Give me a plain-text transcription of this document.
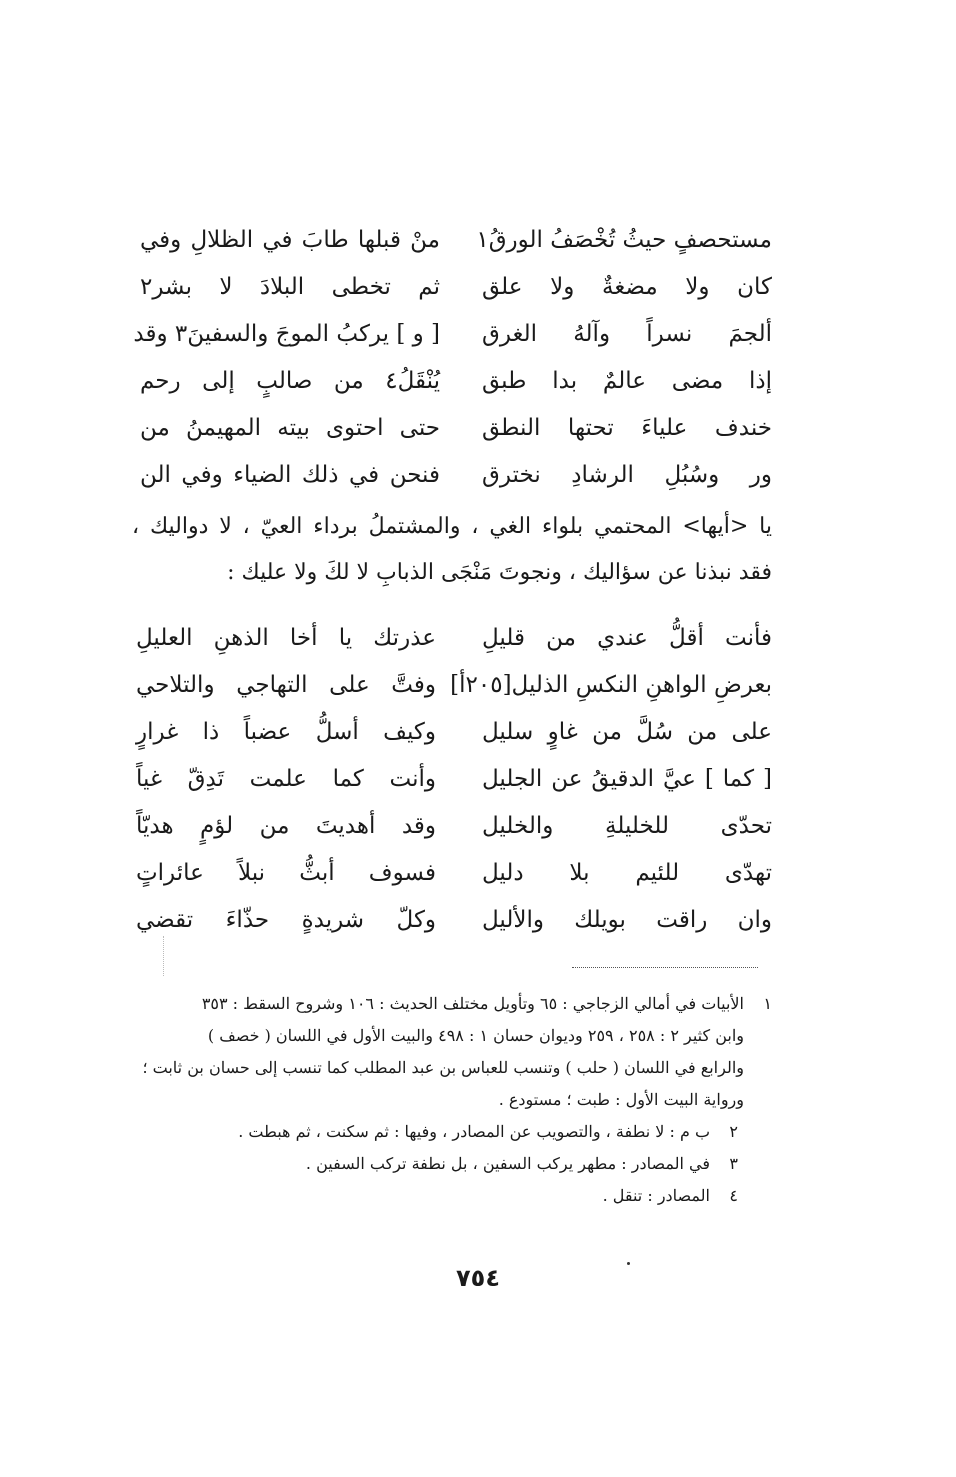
منْ قبلها طابَ في الظلالِ وفي مستحصفٍ حيثُ تُخْصَفُ الورقُ١
ثم تخطى البلادَ لا بشر٢ كان ولا مضغةٌ ولا علق
[ و ] يركبُ الموجَ والسفينَ٣ وقد ألجمَ نسراً وآلهُ الغرق
يُنْقَلُ٤ من صالبٍ إلى رحم إذا مضى عالمٌ بدا طبق
حتى احتوى بيته المهيمنُ من خندف علياءَ تحتها النطق
فنحن في ذلك الضياء وفي الن ور وسُبُلِ الرشادِ نخترق
يا <أيها> المحتمي بلواء الغي ، والمشتملُ برداء العيّ ، لا دواليك ،
فقد نبذنا عن سؤاليك ، ونجوتَ مَنْجَى الذبابِ لا لكَ ولا عليك :
عذرتك يا أخا الذهنِ العليلِ فأنت أقلُّ عندي من قليلِ
وفتَّ على التهاجي والتلاحي بعرضِ الواهنِ النكسِ الذليل[٢٠٥أ]
وكيف أسلُّ عضباً ذا غرارٍ على من سُلَّ من غاوٍ سليل
وأنت كما علمت تَدِقّ غياً [ كما ] عيَّ الدقيقُ عن الجليل
وقد أهديتَ من لؤمٍ هديّاً تحدّى للخليلةِ والخليل
فسوف أبثُّ نبلاً عائراتٍ تهدّى للئيم بلا دليل
وكلّ شريدةٍ حذّاءَ تقضي وان راقت بويلك والأليل
١الأبيات في أمالي الزجاجي : ٦٥ وتأويل مختلف الحديث : ١٠٦ وشروح السقط : ٣٥٣
وابن كثير ٢ : ٢٥٨ ، ٢٥٩ وديوان حسان ١ : ٤٩٨ والبيت الأول في اللسان ( خصف )
والرابع في اللسان ( حلب ) وتنسب للعباس بن عبد المطلب كما تنسب إلى حسان بن ثابت ؛
ورواية البيت الأول : طبت ؛ مستودع .
٢ب م : لا نطفة ، والتصويب عن المصادر ، وفيها : ثم سكنت ، ثم هبطت .
٣في المصادر : مطهر يركب السفين ، بل نطفة تركب السفين .
٤المصادر : تنقل .
٧٥٤
